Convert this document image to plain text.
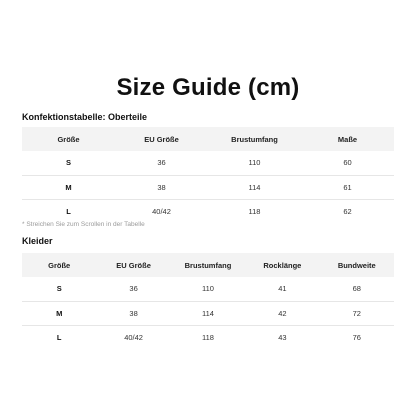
Size Guide (cm)
Konfektionstabelle: Oberteile
Größe	EU Größe	Brustumfang	Maße
S	36	110	60
M	38	114	61
L	40/42	118	62
* Streichen Sie zum Scrollen in der Tabelle
Kleider
Größe	EU Größe	Brustumfang	Rocklänge	Bundweite
S	36	110	41	68
M	38	114	42	72
L	40/42	118	43	76
